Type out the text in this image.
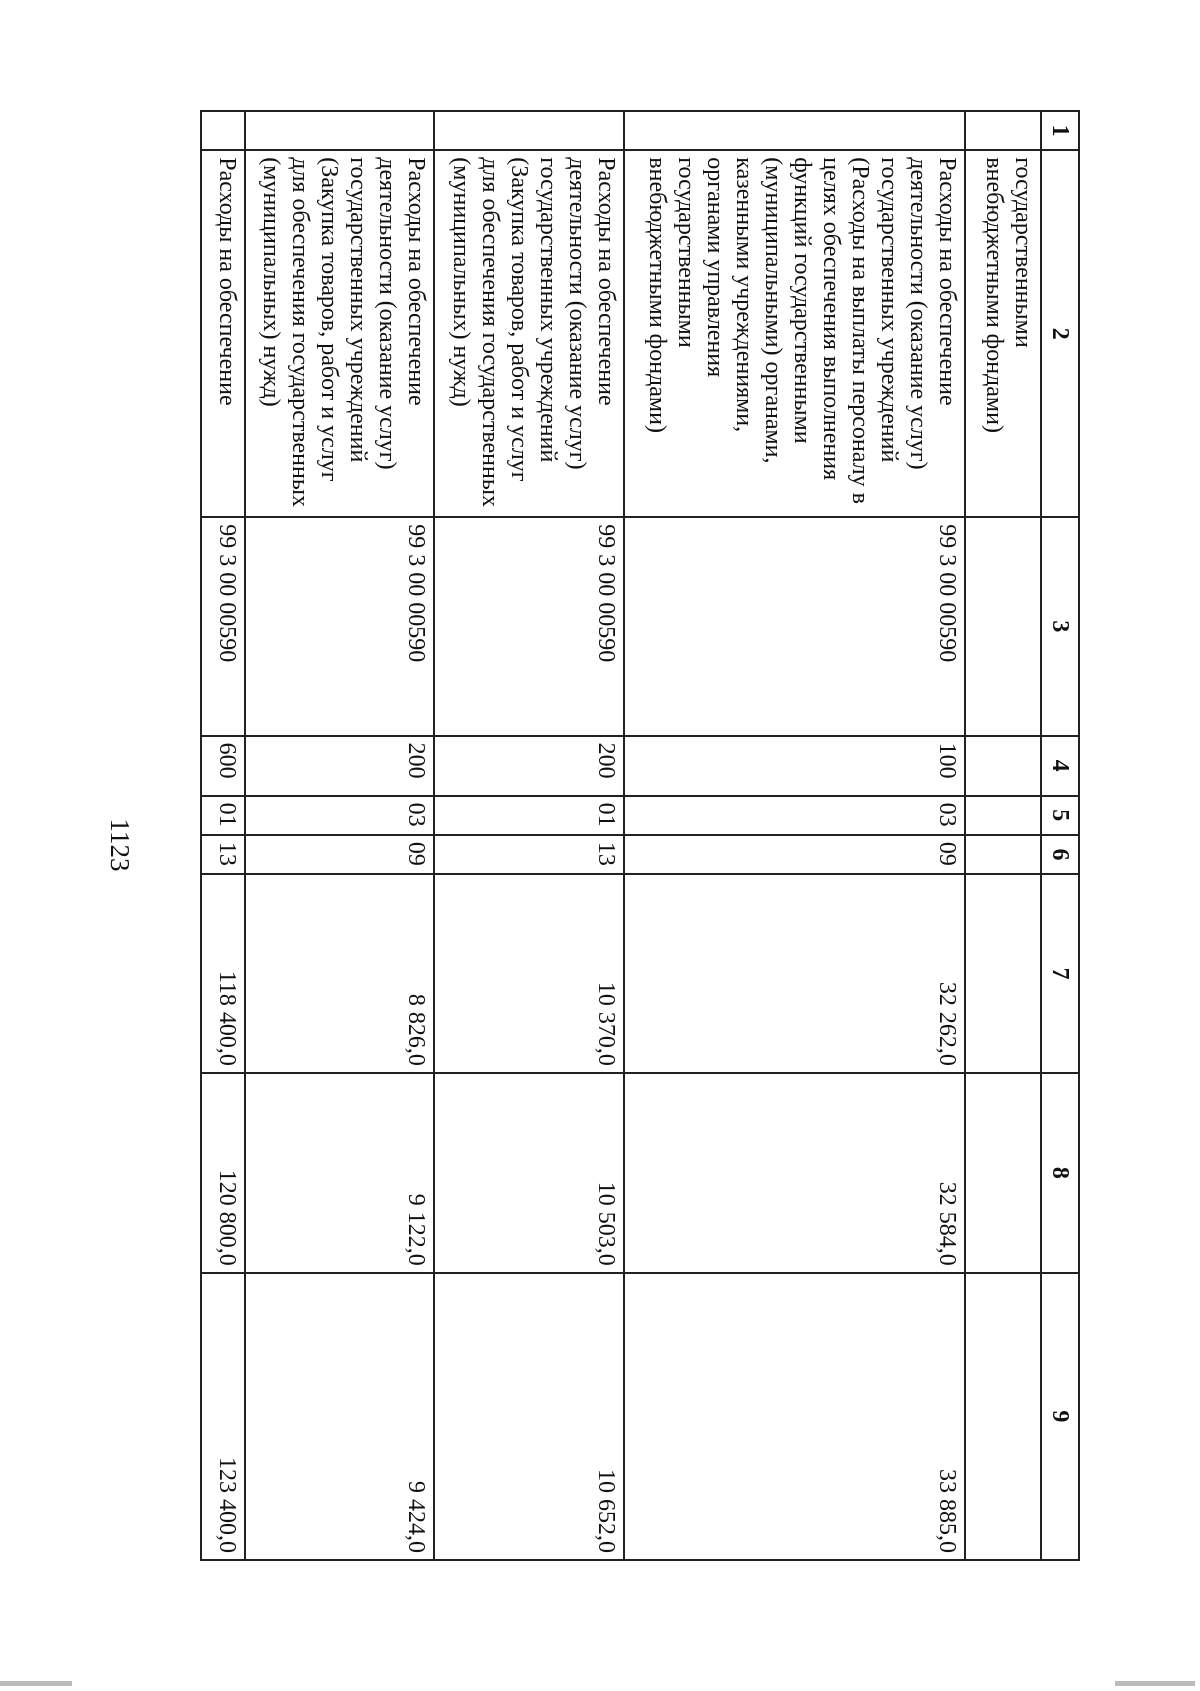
1123
1	2	3	4	5	6	7	8	9
	государственными внебюджетными фондами)							
	Расходы на обеспечение деятельности (оказание услуг) государственных учреждений (Расходы на выплаты персоналу в целях обеспечения выполнения функций государственными (муниципальными) органами, казенными учреждениями, органами управления государственными внебюджетными фондами)	99 3 00 00590	100	03	09	32 262,0	32 584,0	33 885,0
	Расходы на обеспечение деятельности (оказание услуг) государственных учреждений (Закупка товаров, работ и услуг для обеспечения государственных (муниципальных) нужд)	99 3 00 00590	200	01	13	10 370,0	10 503,0	10 652,0
	Расходы на обеспечение деятельности (оказание услуг) государственных учреждений (Закупка товаров, работ и услуг для обеспечения государственных (муниципальных) нужд)	99 3 00 00590	200	03	09	8 826,0	9 122,0	9 424,0
	Расходы на обеспечение	99 3 00 00590	600	01	13	118 400,0	120 800,0	123 400,0
